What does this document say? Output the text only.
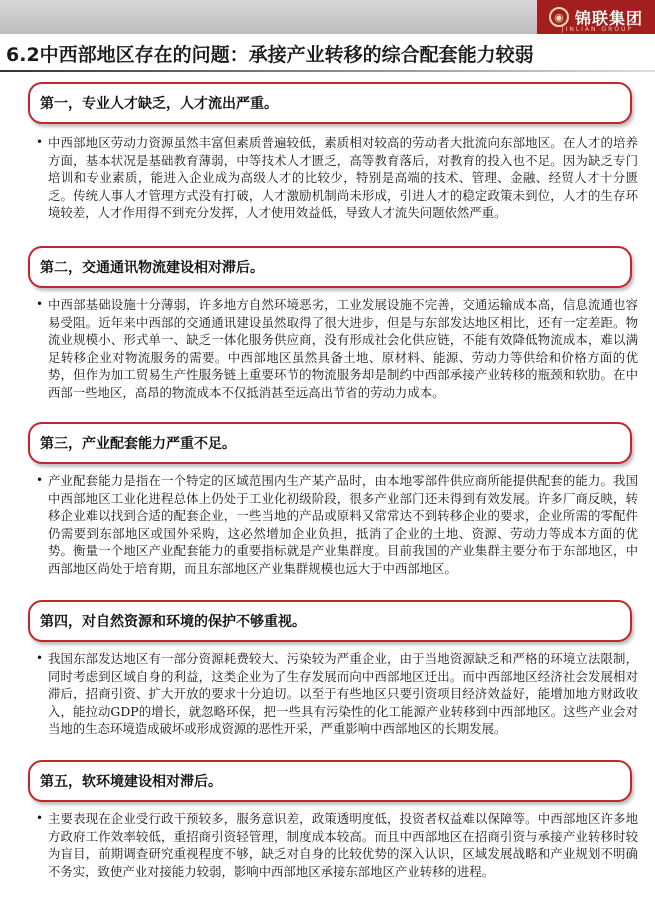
◉ 锦联集团
JINLIAN GROUP
6.2中西部地区存在的问题：承接产业转移的综合配套能力较弱
第一，专业人才缺乏，人才流出严重。
• 中西部地区劳动力资源虽然丰富但素质普遍较低，素质相对较高的劳动者大批流向东部地区。在人才的培养方面，基本状况是基础教育薄弱，中等技术人才匮乏，高等教育落后，对教育的投入也不足。因为缺乏专门培训和专业素质，能进入企业成为高级人才的比较少，特别是高端的技术、管理、金融、经贸人才十分匮乏。传统人事人才管理方式没有打破，人才激励机制尚未形成，引进人才的稳定政策未到位，人才的生存环境较差，人才作用得不到充分发挥，人才使用效益低，导致人才流失问题依然严重。
第二，交通通讯物流建设相对滞后。
• 中西部基础设施十分薄弱，许多地方自然环境恶劣，工业发展设施不完善，交通运输成本高，信息流通也容易受阻。近年来中西部的交通通讯建设虽然取得了很大进步，但是与东部发达地区相比，还有一定差距。物流业规模小、形式单一、缺乏一体化服务供应商，没有形成社会化供应链，不能有效降低物流成本，难以满足转移企业对物流服务的需要。中西部地区虽然具备土地、原材料、能源、劳动力等供给和价格方面的优势，但作为加工贸易生产性服务链上重要环节的物流服务却是制约中西部承接产业转移的瓶颈和软肋。在中西部一些地区，高昂的物流成本不仅抵消甚至远高出节省的劳动力成本。
第三，产业配套能力严重不足。
• 产业配套能力是指在一个特定的区域范围内生产某产品时，由本地零部件供应商所能提供配套的能力。我国中西部地区工业化进程总体上仍处于工业化初级阶段，很多产业部门还未得到有效发展。许多厂商反映，转移企业难以找到合适的配套企业，一些当地的产品或原料又常常达不到转移企业的要求，企业所需的零配件仍需要到东部地区或国外采购，这必然增加企业负担，抵消了企业的土地、资源、劳动力等成本方面的优势。衡量一个地区产业配套能力的重要指标就是产业集群度。目前我国的产业集群主要分布于东部地区，中西部地区尚处于培育期，而且东部地区产业集群规模也远大于中西部地区。
第四，对自然资源和环境的保护不够重视。
• 我国东部发达地区有一部分资源耗费较大、污染较为严重企业，由于当地资源缺乏和严格的环境立法限制，同时考虑到区域自身的利益，这类企业为了生存发展而向中西部地区迁出。而中西部地区经济社会发展相对滞后，招商引资、扩大开放的要求十分迫切。以至于有些地区只要引资项目经济效益好，能增加地方财政收入，能拉动GDP的增长，就忽略环保，把一些具有污染性的化工能源产业转移到中西部地区。这些产业会对当地的生态环境造成破坏或形成资源的恶性开采，严重影响中西部地区的长期发展。
第五，软环境建设相对滞后。
• 主要表现在企业受行政干预较多，服务意识差，政策透明度低，投资者权益难以保障等。中西部地区许多地方政府工作效率较低，重招商引资轻管理，制度成本较高。而且中西部地区在招商引资与承接产业转移时较为盲目，前期调查研究重视程度不够，缺乏对自身的比较优势的深入认识，区域发展战略和产业规划不明确不务实，致使产业对接能力较弱，影响中西部地区承接东部地区产业转移的进程。
